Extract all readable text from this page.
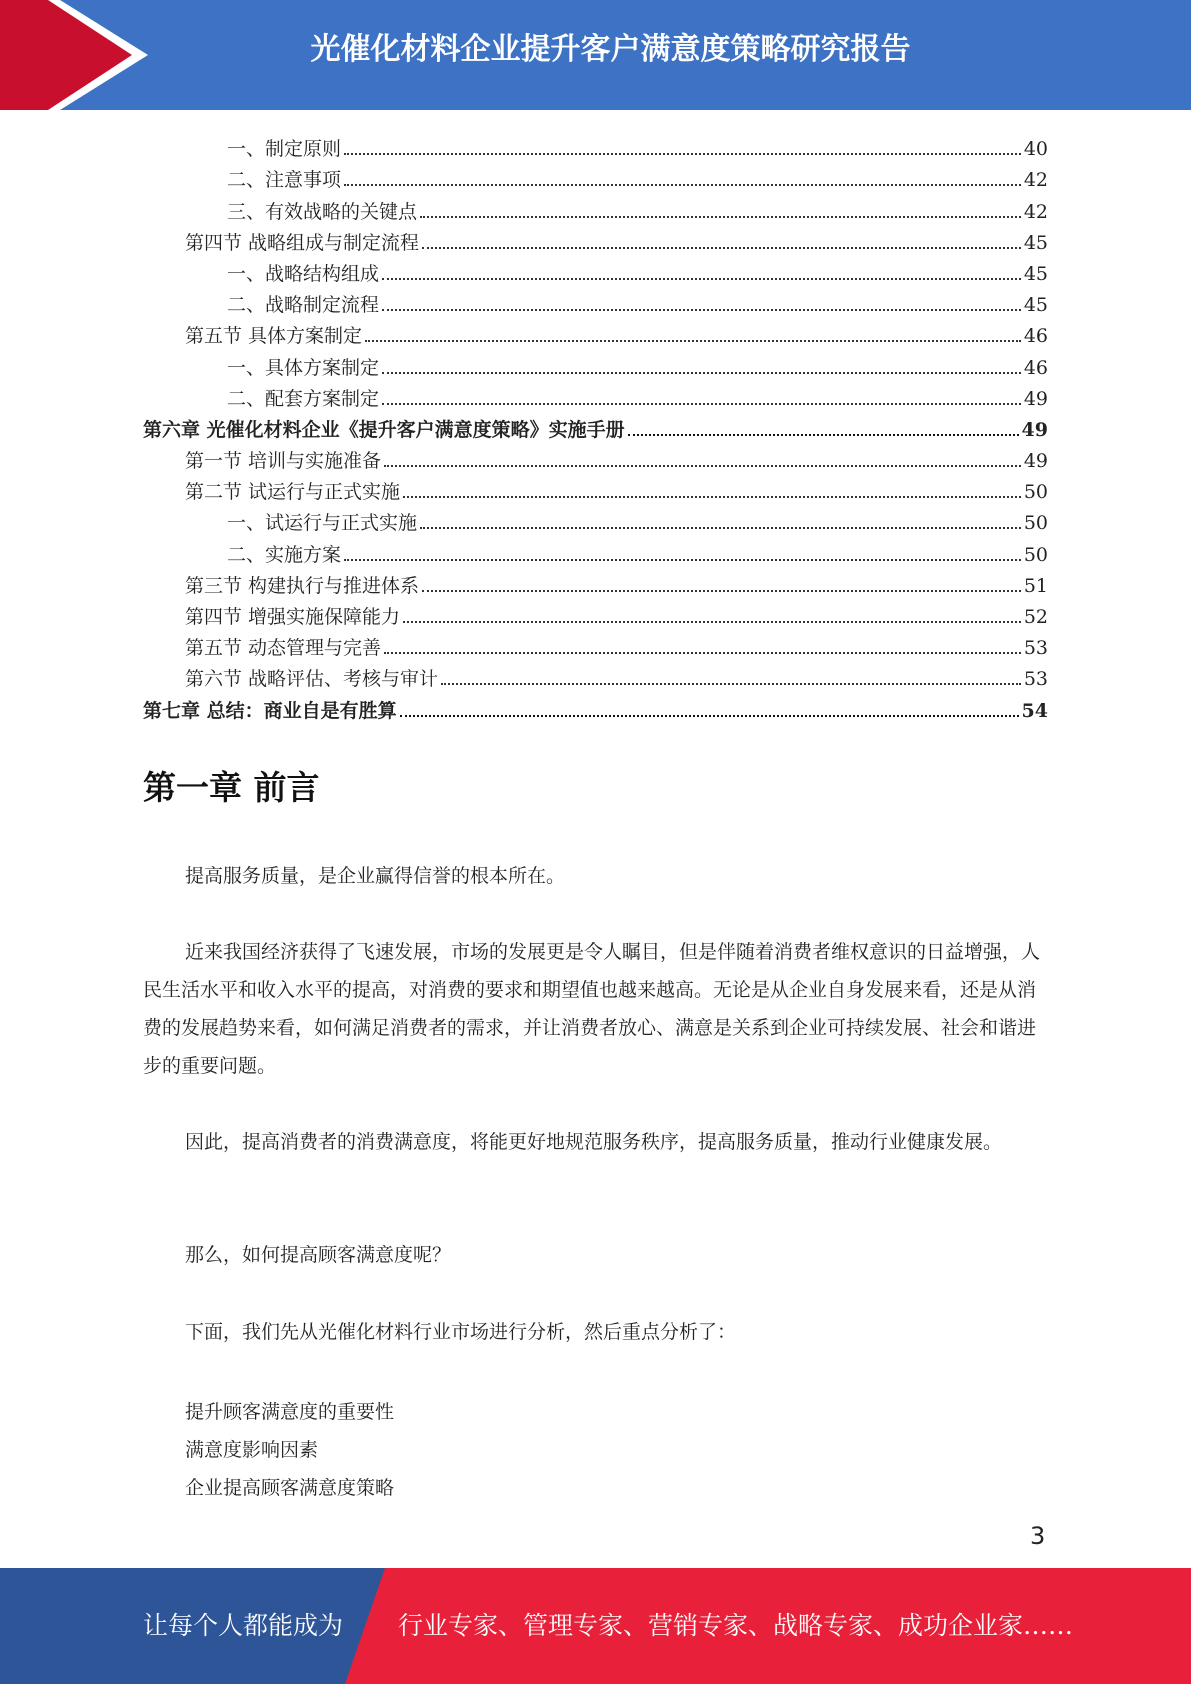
光催化材料企业提升客户满意度策略研究报告
一、制定原则	40
二、注意事项	42
三、有效战略的关键点	42
第四节 战略组成与制定流程	45
一、战略结构组成	45
二、战略制定流程	45
第五节 具体方案制定	46
一、具体方案制定	46
二、配套方案制定	49
第六章 光催化材料企业《提升客户满意度策略》实施手册	49
第一节 培训与实施准备	49
第二节 试运行与正式实施	50
一、试运行与正式实施	50
二、实施方案	50
第三节 构建执行与推进体系	51
第四节 增强实施保障能力	52
第五节 动态管理与完善	53
第六节 战略评估、考核与审计	53
第七章 总结：商业自是有胜算	54
第一章 前言
提高服务质量，是企业赢得信誉的根本所在。
近来我国经济获得了飞速发展，市场的发展更是令人瞩目，但是伴随着消费者维权意识的日益增强，人民生活水平和收入水平的提高，对消费的要求和期望值也越来越高。无论是从企业自身发展来看，还是从消费的发展趋势来看，如何满足消费者的需求，并让消费者放心、满意是关系到企业可持续发展、社会和谐进步的重要问题。
因此，提高消费者的消费满意度，将能更好地规范服务秩序，提高服务质量，推动行业健康发展。
那么，如何提高顾客满意度呢？
下面，我们先从光催化材料行业市场进行分析，然后重点分析了：
提升顾客满意度的重要性
满意度影响因素
企业提高顾客满意度策略
3
让每个人都能成为 行业专家、管理专家、营销专家、战略专家、成功企业家……
